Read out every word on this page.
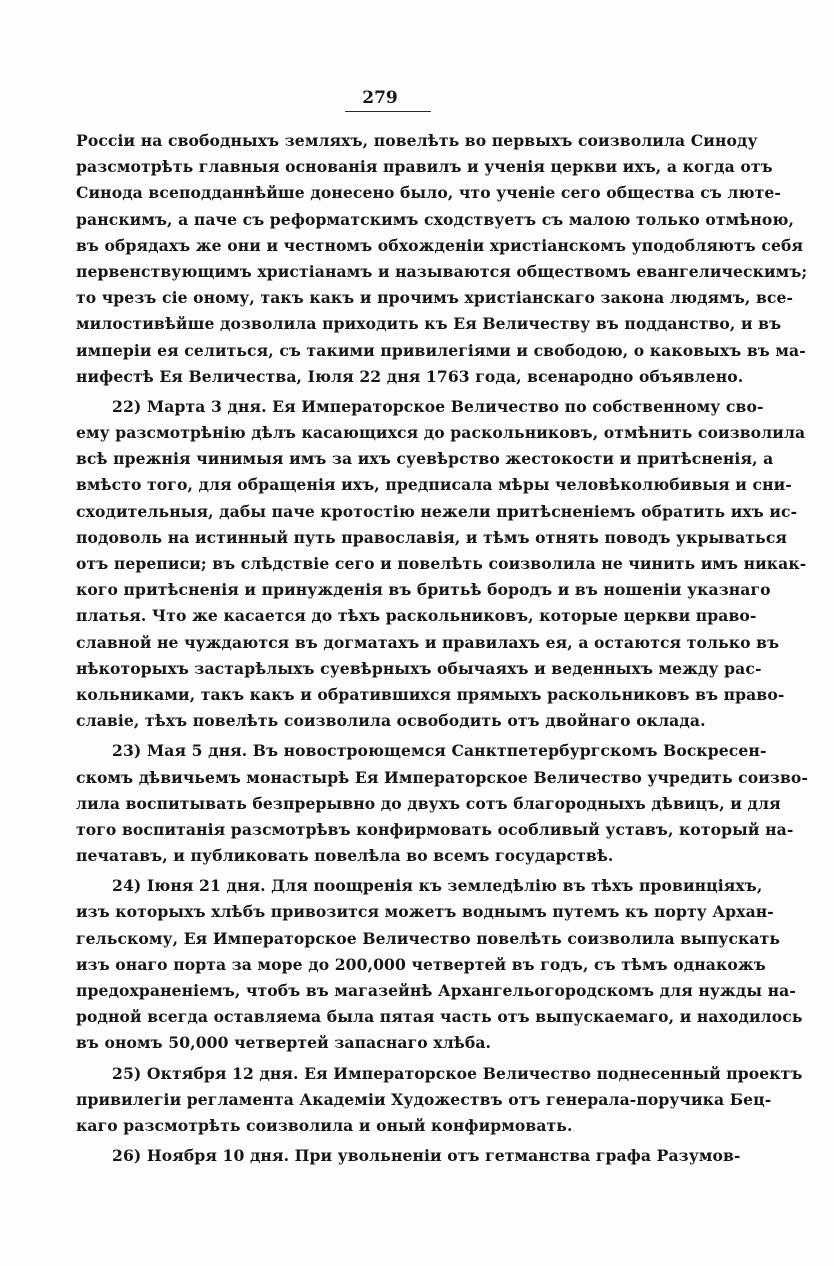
279
Россіи на свободныхъ земляхъ, повелѣть во первыхъ соизволила Синоду
разсмотрѣть главныя основанія правилъ и ученія церкви ихъ, а когда отъ
Синода всеподданнѣйше донесено было, что ученіе сего общества съ люте-
ранскимъ, а паче съ реформатскимъ сходствуетъ съ малою только отмѣною,
въ обрядахъ же они и честномъ обхожденіи христіанскомъ уподобляютъ себя
первенствующимъ христіанамъ и называются обществомъ евангелическимъ;
то чрезъ сіе оному, такъ какъ и прочимъ христіанскаго закона людямъ, все-
милостивѣйше дозволила приходить къ Ея Величеству въ подданство, и въ
имперіи ея селиться, съ такими привилегіями и свободою, о каковыхъ въ ма-
нифестѣ Ея Величества, Іюля 22 дня 1763 года, всенародно объявлено.
22) Марта 3 дня. Ея Императорское Величество по собственному сво-
ему разсмотрѣнію дѣлъ касающихся до раскольниковъ, отмѣнить соизволила
всѣ прежнія чинимыя имъ за ихъ суевѣрство жестокости и притѣсненія, а
вмѣсто того, для обращенія ихъ, предписала мѣры человѣколюбивыя и сни-
сходительныя, дабы паче кротостію нежели притѣсненіемъ обратить ихъ ис-
подоволь на истинный путь православія, и тѣмъ отнять поводъ укрываться
отъ переписи; въ слѣдствіе сего и повелѣть соизволила не чинить имъ никак-
кого притѣсненія и принужденія въ бритьѣ бородъ и въ ношеніи указнаго
платья. Что же касается до тѣхъ раскольниковъ, которые церкви право-
славной не чуждаются въ догматахъ и правилахъ ея, а остаются только въ
нѣкоторыхъ застарѣлыхъ суевѣрныхъ обычаяхъ и веденныхъ между рас-
кольниками, такъ какъ и обратившихся прямыхъ раскольниковъ въ право-
славіе, тѣхъ повелѣть соизволила освободить отъ двойнаго оклада.
23) Мая 5 дня. Въ новостроющемся Санктпетербургскомъ Воскресен-
скомъ дѣвичьемъ монастырѣ Ея Императорское Величество учредить соизво-
лила воспитывать безпрерывно до двухъ сотъ благородныхъ дѣвицъ, и для
того воспитанія разсмотрѣвъ конфирмовать особливый уставъ, который на-
печатавъ, и публиковать повелѣла во всемъ государствѣ.
24) Іюня 21 дня. Для поощренія къ земледѣлію въ тѣхъ провинціяхъ,
изъ которыхъ хлѣбъ привозится можетъ воднымъ путемъ къ порту Архан-
гельскому, Ея Императорское Величество повелѣть соизволила выпускать
изъ онаго порта за море до 200,000 четвертей въ годъ, съ тѣмъ однакожъ
предохраненіемъ, чтобъ въ магазейнѣ Архангельогородскомъ для нужды на-
родной всегда оставляема была пятая часть отъ выпускаемаго, и находилось
въ ономъ 50,000 четвертей запаснаго хлѣба.
25) Октября 12 дня. Ея Императорское Величество поднесенный проектъ
привилегіи регламента Академіи Художествъ отъ генерала-поручика Бец-
каго разсмотрѣть соизволила и оный конфирмовать.
26) Ноября 10 дня. При увольненіи отъ гетманства графа Разумов-
